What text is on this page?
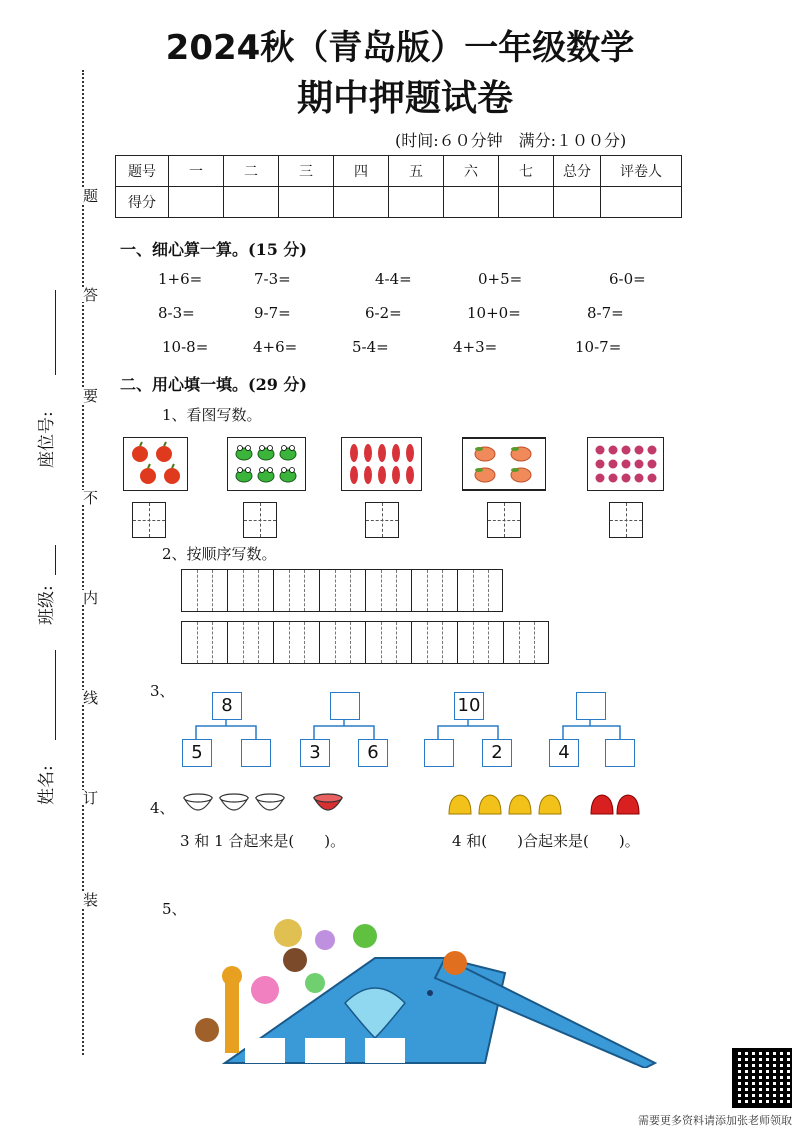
2024秋（青岛版）一年级数学
期中押题试卷
(时间:６０分钟　满分:１００分)
题号	一	二	三	四	五	六	七	总分	评卷人
得分									
题
答
要
不
内
线
订
装
座位号:
班级:
姓名:
一、细心算一算。(15 分)
1+6=	7-3=	4-4=	0+5=	6-0=
8-3=	9-7=	6-2=	10+0=	8-7=
10-8=	4+6=	5-4=	4+3=	10-7=
二、用心填一填。(29 分)
1、看图写数。
2、按顺序写数。
3、
8
5	3	6
10
2	4
4、
3 和 1 合起来是(　　)。	4 和(　　)合起来是(　　)。
5、
需要更多资料请添加张老师领取
